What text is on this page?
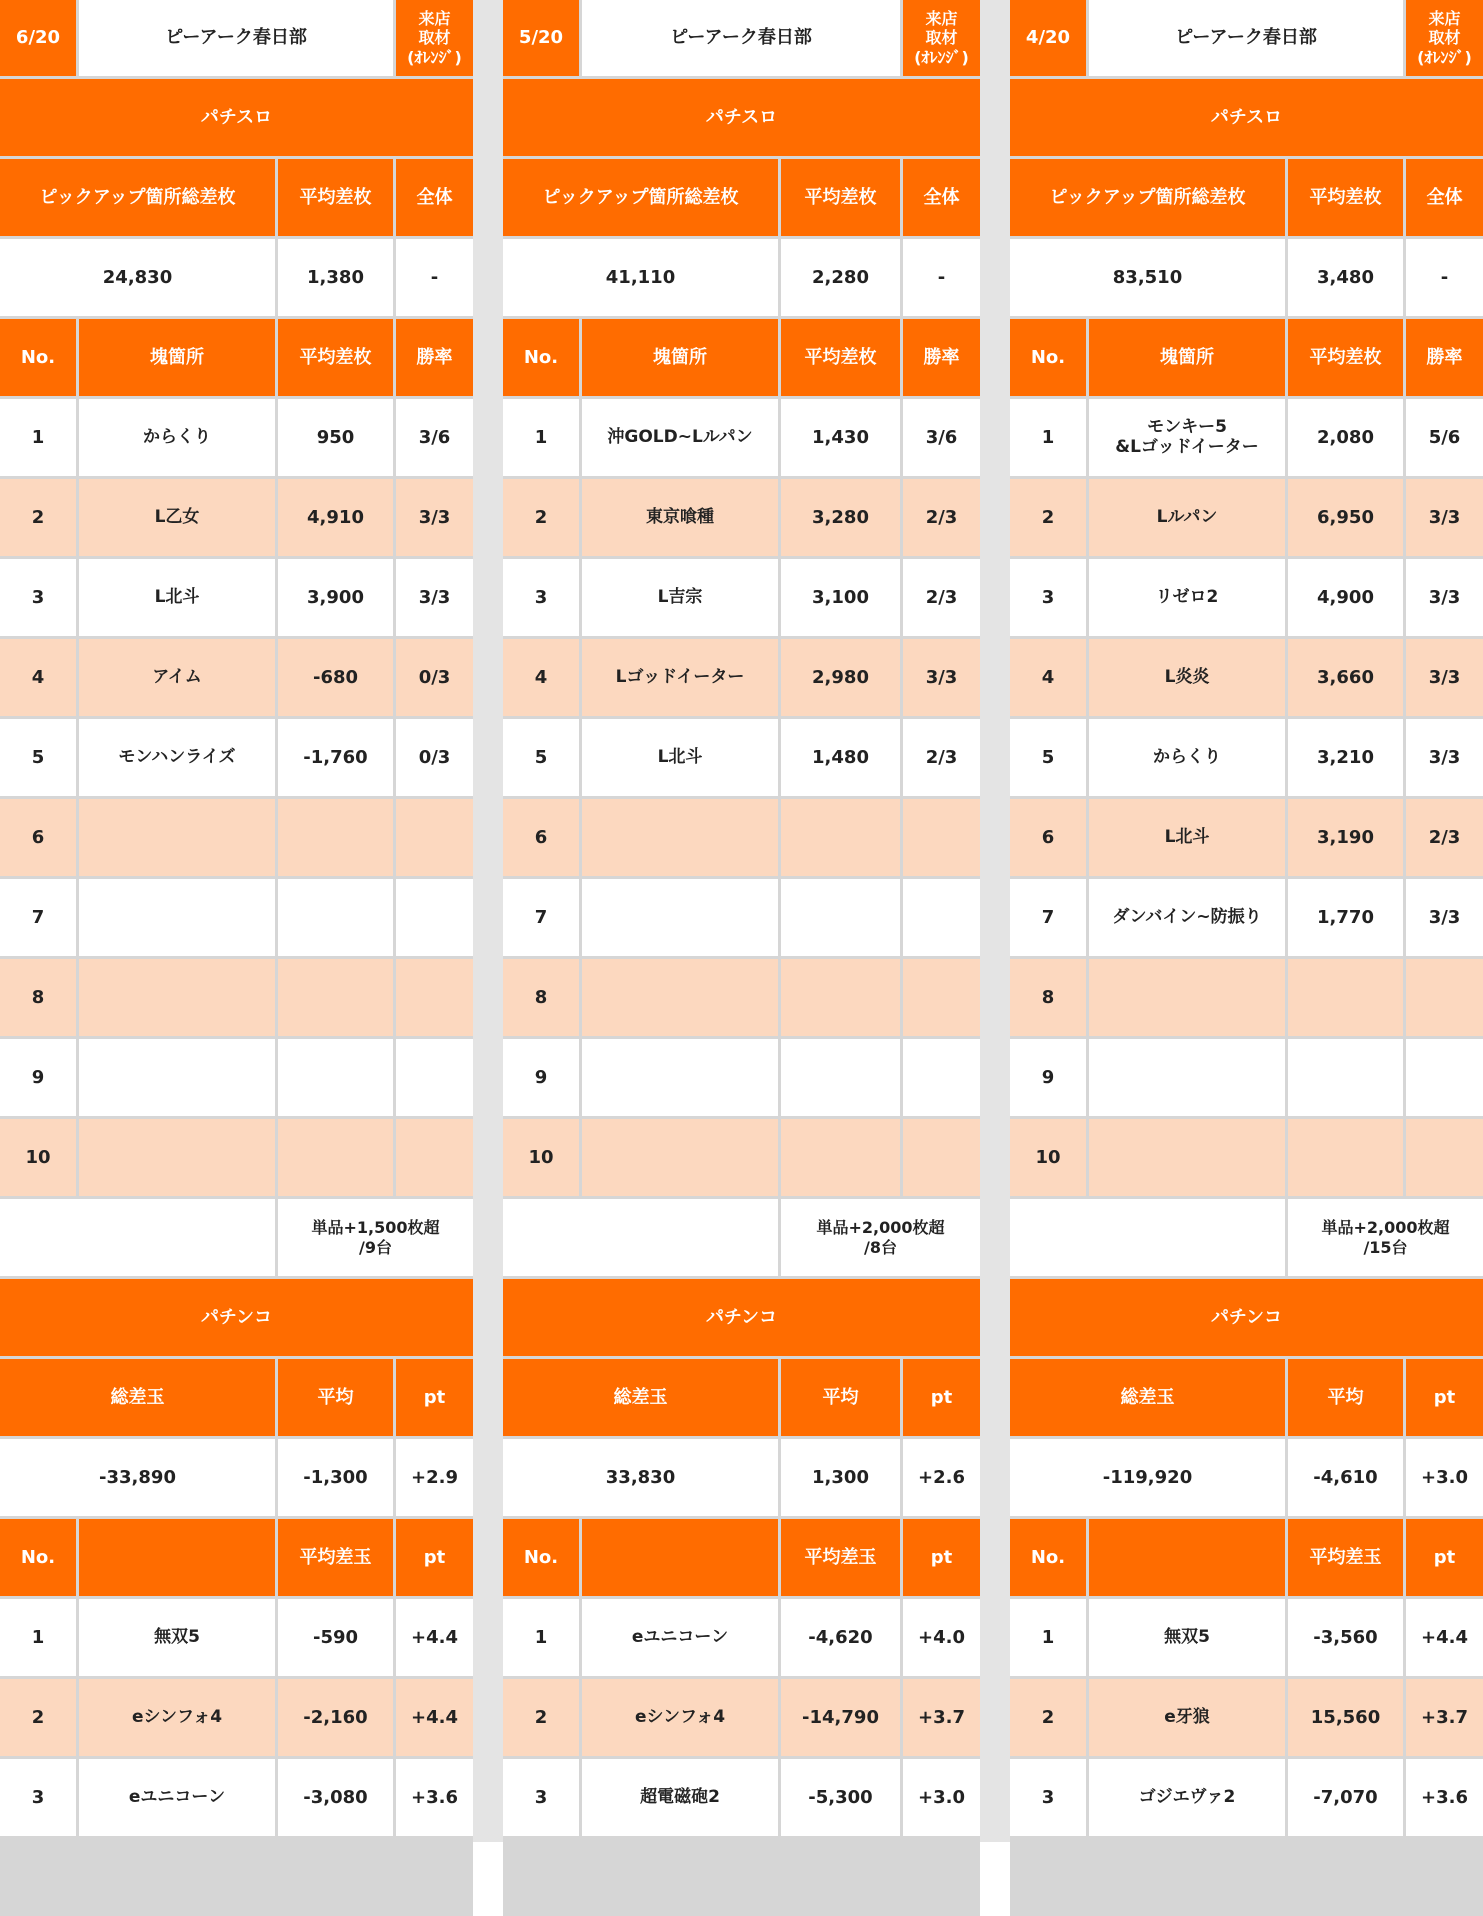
6/20	ピーアーク春日部
来店
取材
(ｵﾚﾝｼﾞ)
パチスロ
ピックアップ箇所総差枚	平均差枚	全体
24,830	1,380	-
No.	塊箇所	平均差枚	勝率
1	からくり	950	3/6
2	L乙女	4,910	3/3
3	L北斗	3,900	3/3
4	アイム	-680	0/3
5	モンハンライズ	-1,760	0/3
6
7
8
9
10
単品+1,500枚超
/9台
パチンコ
総差玉	平均	pt
-33,890	-1,300	+2.9
No.	平均差玉	pt
1	無双5	-590	+4.4
2	eシンフォ4	-2,160	+4.4
3	eユニコーン	-3,080	+3.6
5/20	ピーアーク春日部
来店
取材
(ｵﾚﾝｼﾞ)
パチスロ
ピックアップ箇所総差枚	平均差枚	全体
41,110	2,280	-
No.	塊箇所	平均差枚	勝率
1	沖GOLD~Lルパン	1,430	3/6
2	東京喰種	3,280	2/3
3	L吉宗	3,100	2/3
4	Lゴッドイーター	2,980	3/3
5	L北斗	1,480	2/3
6
7
8
9
10
単品+2,000枚超
/8台
パチンコ
総差玉	平均	pt
33,830	1,300	+2.6
No.	平均差玉	pt
1	eユニコーン	-4,620	+4.0
2	eシンフォ4	-14,790	+3.7
3	超電磁砲2	-5,300	+3.0
4/20	ピーアーク春日部
来店
取材
(ｵﾚﾝｼﾞ)
パチスロ
ピックアップ箇所総差枚	平均差枚	全体
83,510	3,480	-
No.	塊箇所	平均差枚	勝率
1	モンキー5
&Lゴッドイーター	2,080	5/6
2	Lルパン	6,950	3/3
3	リゼロ2	4,900	3/3
4	L炎炎	3,660	3/3
5	からくり	3,210	3/3
6	L北斗	3,190	2/3
7	ダンバイン~防振り	1,770	3/3
8
9
10
単品+2,000枚超
/15台
パチンコ
総差玉	平均	pt
-119,920	-4,610	+3.0
No.	平均差玉	pt
1	無双5	-3,560	+4.4
2	e牙狼	15,560	+3.7
3	ゴジエヴァ2	-7,070	+3.6
